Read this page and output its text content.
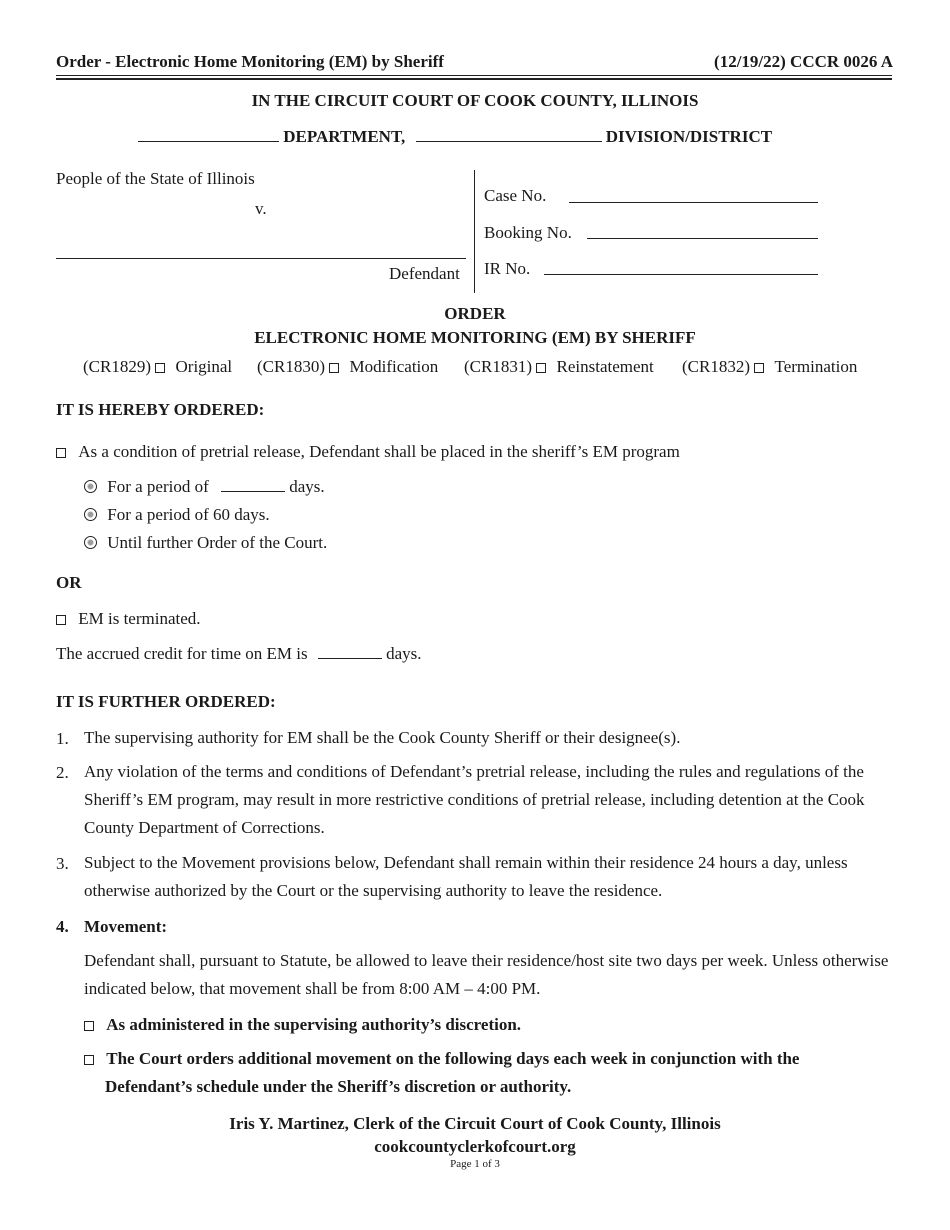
Order - Electronic Home Monitoring (EM) by Sheriff	(12/19/22) CCCR 0026 A
IN THE CIRCUIT COURT OF COOK COUNTY, ILLINOIS
DEPARTMENT,	DIVISION/DISTRICT
People of the State of Illinois
v.
Defendant
Case No.
Booking No.
IR No.
ORDER
ELECTRONIC HOME MONITORING (EM) BY SHERIFF
(CR1829) Original (CR1830) Modification (CR1831) Reinstatement (CR1832) Termination
IT IS HEREBY ORDERED:
As a condition of pretrial release, Defendant shall be placed in the sheriff’s EM program
For a period of	days.
For a period of 60 days.
Until further Order of the Court.
OR
EM is terminated.
The accrued credit for time on EM is	days.
IT IS FURTHER ORDERED:
1. The supervising authority for EM shall be the Cook County Sheriff or their designee(s).
2. Any violation of the terms and conditions of Defendant’s pretrial release, including the rules and regulations of the Sheriff’s EM program, may result in more restrictive conditions of pretrial release, including detention at the Cook County Department of Corrections.
3. Subject to the Movement provisions below, Defendant shall remain within their residence 24 hours a day, unless otherwise authorized by the Court or the supervising authority to leave the residence.
4. Movement:
Defendant shall, pursuant to Statute, be allowed to leave their residence/host site two days per week. Unless otherwise indicated below, that movement shall be from 8:00 AM – 4:00 PM.
As administered in the supervising authority’s discretion.
The Court orders additional movement on the following days each week in conjunction with the
Defendant’s schedule under the Sheriff’s discretion or authority.
Iris Y. Martinez, Clerk of the Circuit Court of Cook County, Illinois
cookcountyclerkofcourt.org
Page 1 of 3
